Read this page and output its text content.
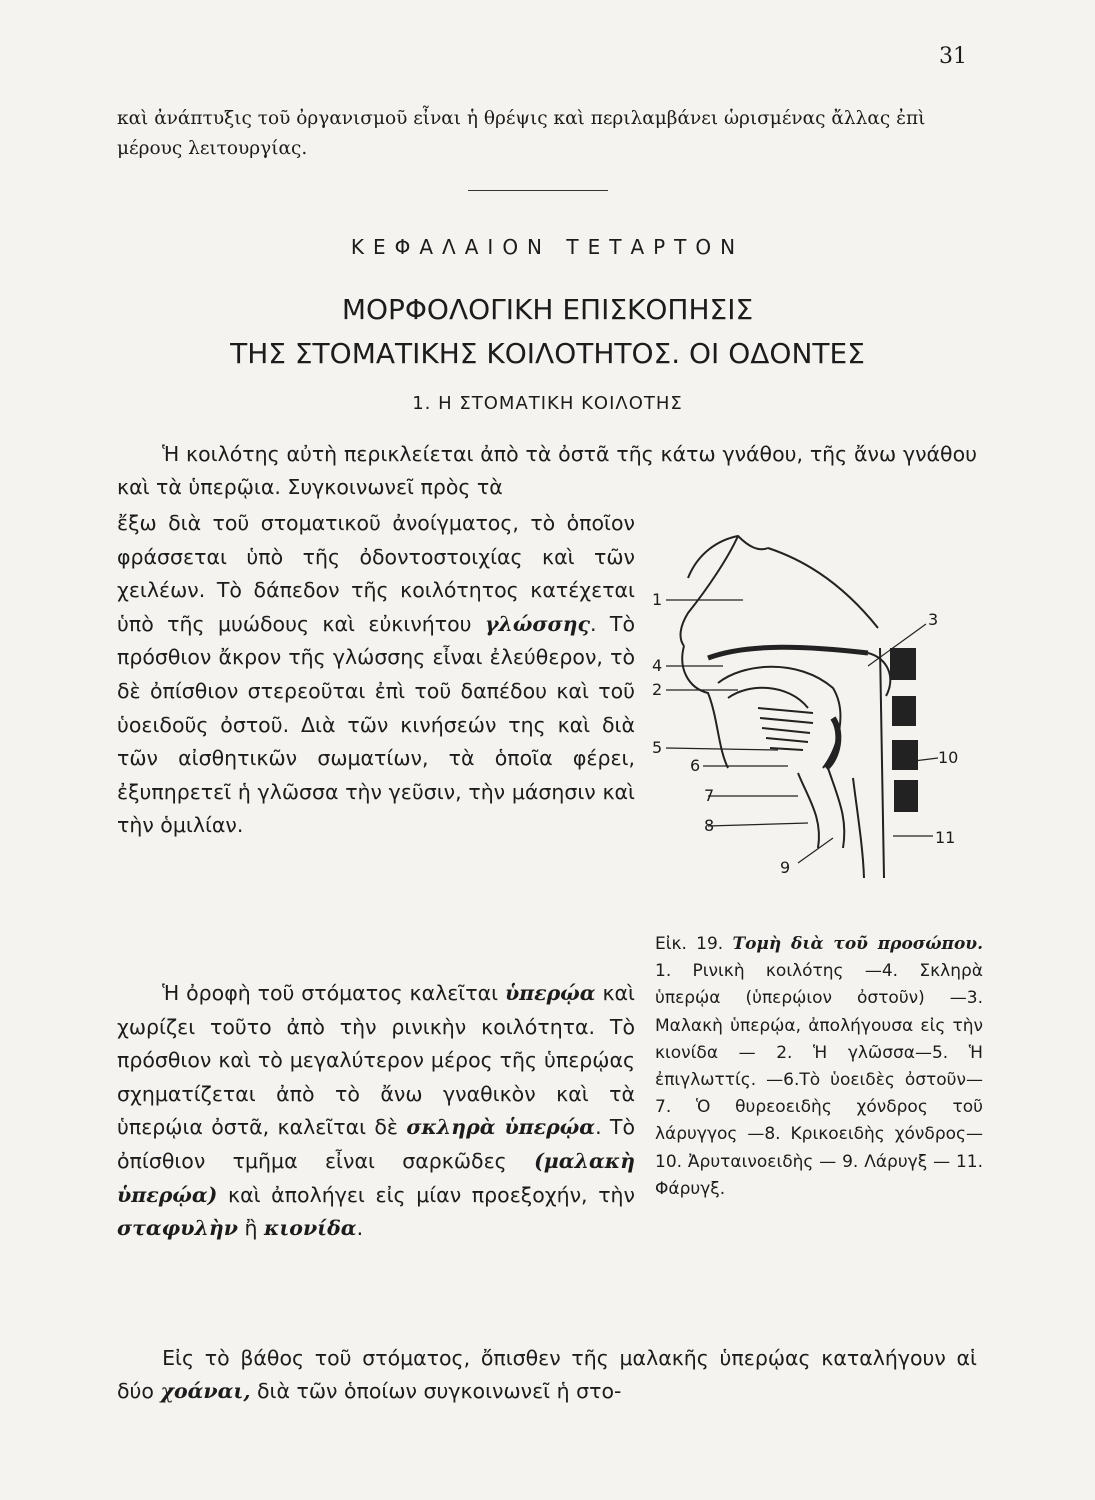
31

καὶ ἀνάπτυξις τοῦ ὀργανισμοῦ εἶναι ἡ θρέψις καὶ περιλαμβάνει ὡρισμένας ἄλλας ἐπὶ μέρους λειτουργίας.

ΚΕΦΑΛΑΙΟΝ ΤΕΤΑΡΤΟΝ
ΜΟΡΦΟΛΟΓΙΚΗ ΕΠΙΣΚΟΠΗΣΙΣ
ΤΗΣ ΣΤΟΜΑΤΙΚΗΣ ΚΟΙΛΟΤΗΤΟΣ. ΟΙ ΟΔΟΝΤΕΣ
1. Η ΣΤΟΜΑΤΙΚΗ ΚΟΙΛΟΤΗΣ

Ἡ κοιλότης αὐτὴ περικλείεται ἀπὸ τὰ ὀστᾶ τῆς κάτω γνάθου, τῆς ἄνω γνάθου καὶ τὰ ὑπερῷια. Συγκοινωνεῖ πρὸς τὰ

ἔξω διὰ τοῦ στοματικοῦ ἀνοίγματος, τὸ ὁποῖον φράσσεται ὑπὸ τῆς ὀδοντοστοιχίας καὶ τῶν χειλέων. Τὸ δάπεδον τῆς κοιλότητος κατέχεται ὑπὸ τῆς μυώδους καὶ εὐκινήτου γλώσσης. Τὸ πρόσθιον ἄκρον τῆς γλώσσης εἶναι ἐλεύθερον, τὸ δὲ ὀπίσθιον στερεοῦται ἐπὶ τοῦ δαπέδου καὶ τοῦ ὑοειδοῦς ὀστοῦ. Διὰ τῶν κινήσεών της καὶ διὰ τῶν αἰσθητικῶν σωματίων, τὰ ὁποῖα φέρει, ἐξυπηρετεῖ ἡ γλῶσσα τὴν γεῦσιν, τὴν μάσησιν καὶ τὴν ὁμιλίαν.

Ἡ ὀροφὴ τοῦ στόματος καλεῖται ὑπερῴα καὶ χωρίζει τοῦτο ἀπὸ τὴν ρινικὴν κοιλότητα. Τὸ πρόσθιον καὶ τὸ μεγαλύτερον μέρος τῆς ὑπερῴας σχηματίζεται ἀπὸ τὸ ἄνω γναθικὸν καὶ τὰ ὑπερῴια ὀστᾶ, καλεῖται δὲ σκληρὰ ὑπερῴα. Τὸ ὀπίσθιον τμῆμα εἶναι σαρκῶδες (μαλακὴ ὑπερῴα) καὶ ἀπολήγει εἰς μίαν προεξοχήν, τὴν σταφυλὴν ἢ κιονίδα.

Εἰς τὸ βάθος τοῦ στόματος, ὄπισθεν τῆς μαλακῆς ὑπερῴας καταλήγουν αἱ δύο χοάναι, διὰ τῶν ὁποίων συγκοινωνεῖ ἡ στο-

1
2
3
4
5
6
7
8
9
10
11

Εἰκ. 19. Τομὴ διὰ τοῦ προσώπου. 1. Ρινικὴ κοιλότης —4. Σκληρὰ ὑπερῴα (ὑπερῴιον ὀστοῦν) —3. Μαλακὴ ὑπερῴα, ἀπολήγουσα εἰς τὴν κιονίδα — 2. Ἡ γλῶσσα—5. Ἡ ἐπιγλωττίς. —6.Τὸ ὑοειδὲς ὀστοῦν— 7. Ὁ θυρεοειδὴς χόνδρος τοῦ λάρυγγος —8. Κρικοειδὴς χόνδρος— 10. Ἀρυταινοειδὴς — 9. Λάρυγξ — 11. Φάρυγξ.
